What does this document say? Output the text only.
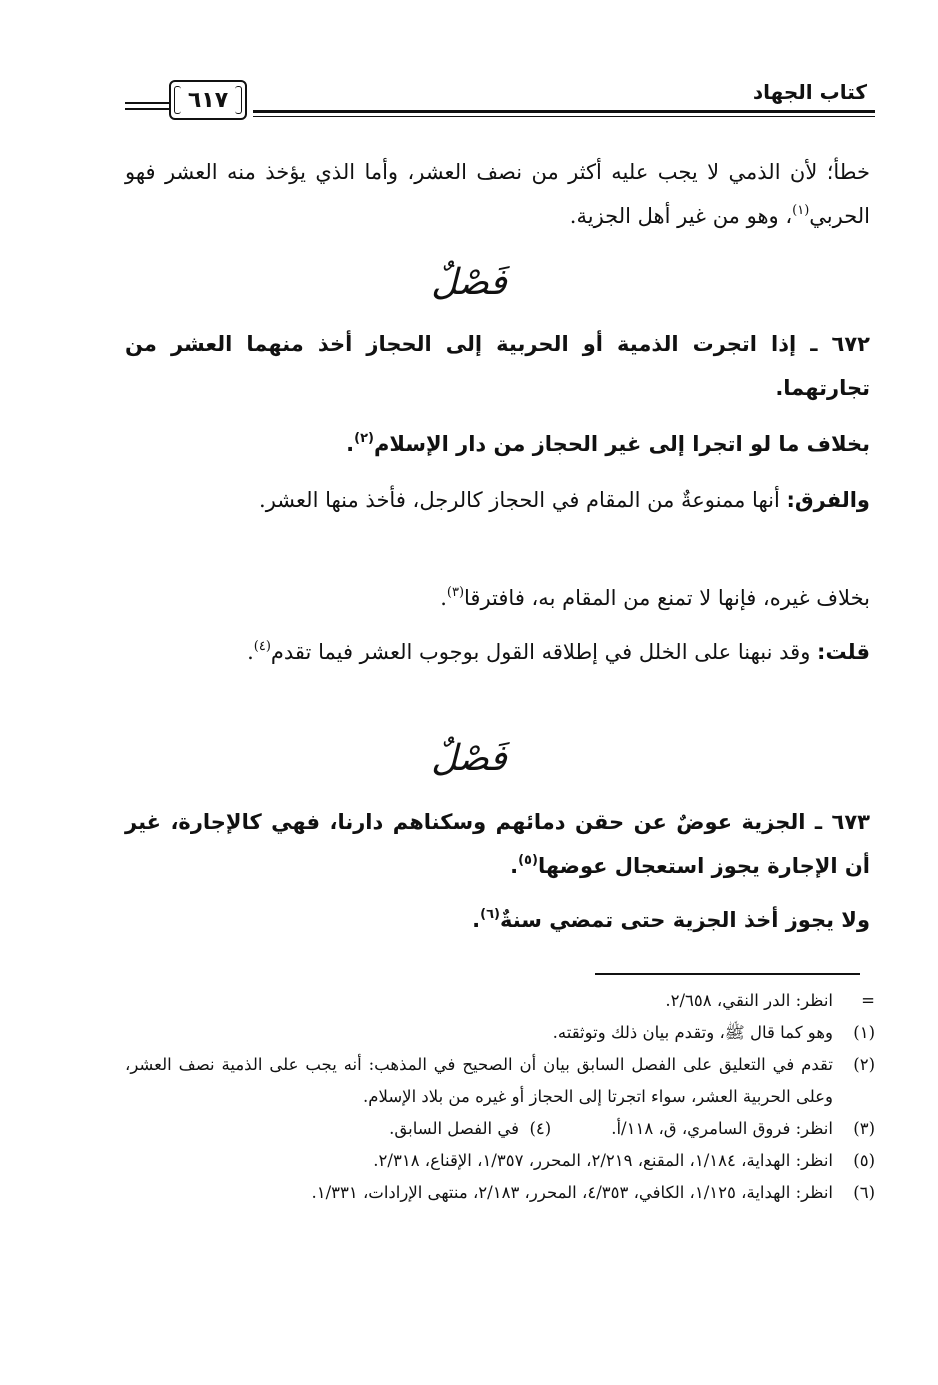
كتاب الجهاد
٦١٧
خطأ؛ لأن الذمي لا يجب عليه أكثر من نصف العشر، وأما الذي يؤخذ منه العشر فهو الحربي$^{(١)}$، وهو من غير أهل الجزية.
فَصْلٌ
٦٧٢ ـ إذا اتجرت الذمية أو الحربية إلى الحجاز أخذ منهما العشر من تجارتهما.
بخلاف ما لو اتجرا إلى غير الحجاز من دار الإسلام$^{(٢)}$.
والفرق: أنها ممنوعةٌ من المقام في الحجاز كالرجل، فأخذ منها العشر.
بخلاف غيره، فإنها لا تمنع من المقام به، فافترقا$^{(٣)}$.
قلت: وقد نبهنا على الخلل في إطلاقه القول بوجوب العشر فيما تقدم$^{(٤)}$.
فَصْلٌ
٦٧٣ ـ الجزية عوضٌ عن حقن دمائهم وسكناهم دارنا، فهي كالإجارة، غير أن الإجارة يجوز استعجال عوضها$^{(٥)}$.
ولا يجوز أخذ الجزية حتى تمضي سنةٌ$^{(٦)}$.
=
انظر: الدر النقي، ٢/٦٥٨.
(١)
وهو كما قال ﷺ، وتقدم بيان ذلك وتوثقته.
(٢)
تقدم في التعليق على الفصل السابق بيان أن الصحيح في المذهب: أنه يجب على الذمية نصف العشر، وعلى الحربية العشر، سواء اتجرتا إلى الحجاز أو غيره من بلاد الإسلام.
(٣)
انظر: فروق السامري، ق، ١١٨/أ.(٤)  في الفصل السابق.
(٥)
انظر: الهداية، ١/١٨٤، المقنع، ٢/٢١٩، المحرر، ١/٣٥٧، الإقناع، ٢/٣١٨.
(٦)
انظر: الهداية، ١/١٢٥، الكافي، ٤/٣٥٣، المحرر، ٢/١٨٣، منتهى الإرادات، ١/٣٣١.
